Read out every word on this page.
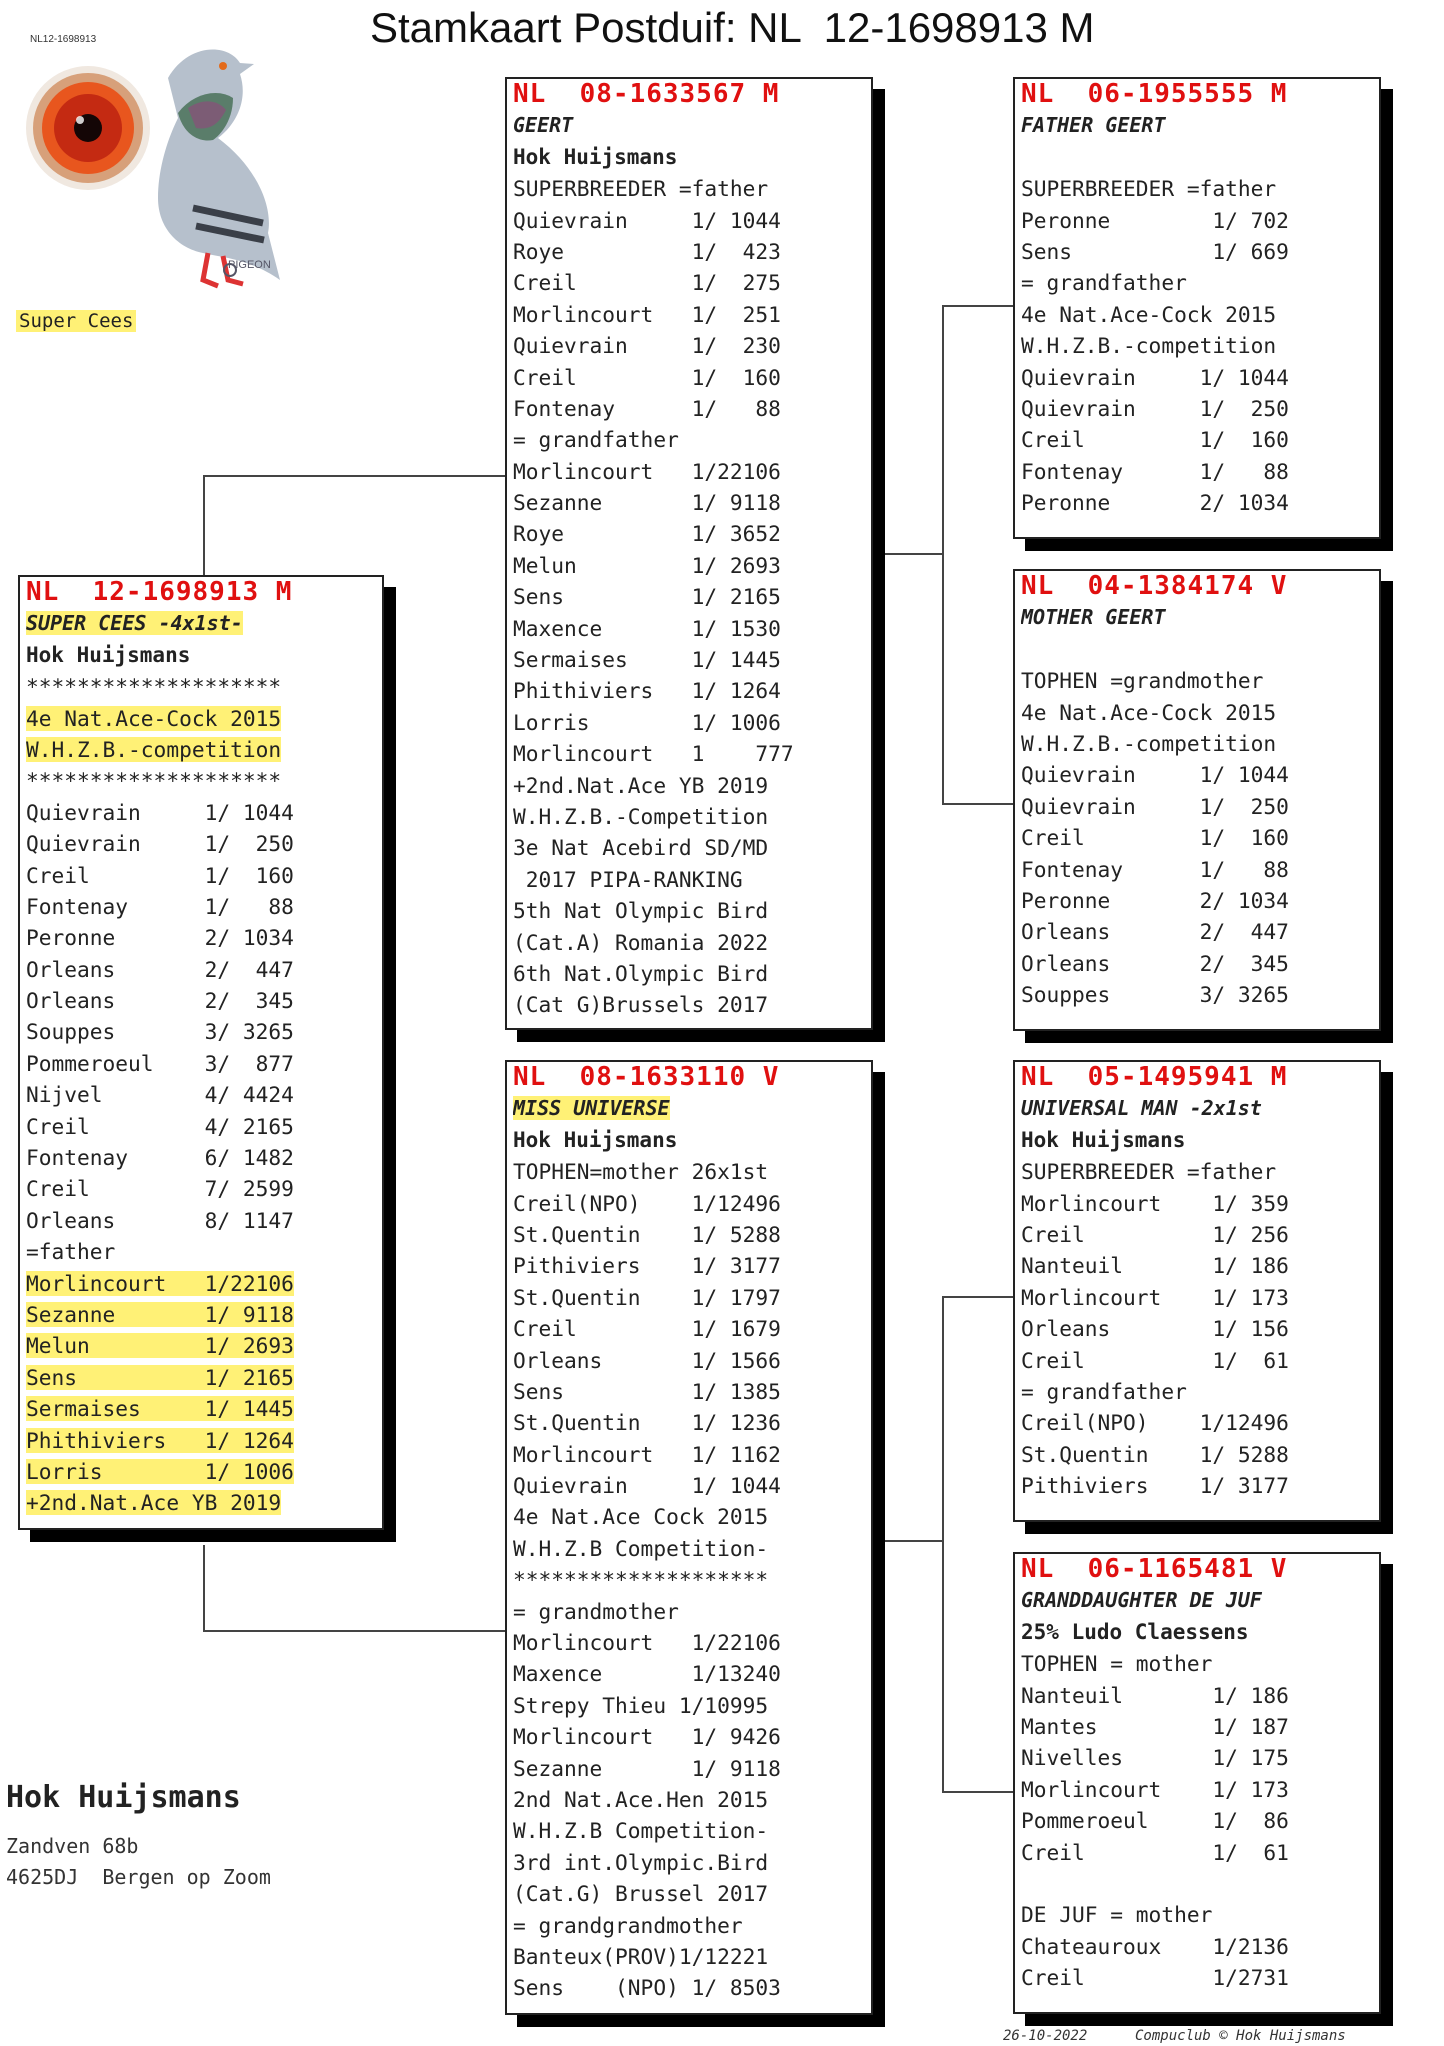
Stamkaart Postduif: NL  12-1698913 M
NL12-1698913
PIGEON
Super Cees
NL  12-1698913 M
SUPER CEES -4x1st-
Hok Huijsmans
********************
4e Nat.Ace-Cock 2015
W.H.Z.B.-competition
********************
Quievrain     1/ 1044
Quievrain     1/  250
Creil         1/  160
Fontenay      1/   88
Peronne       2/ 1034
Orleans       2/  447
Orleans       2/  345
Souppes       3/ 3265
Pommeroeul    3/  877
Nijvel        4/ 4424
Creil         4/ 2165
Fontenay      6/ 1482
Creil         7/ 2599
Orleans       8/ 1147
=father
Morlincourt   1/22106
Sezanne       1/ 9118
Melun         1/ 2693
Sens          1/ 2165
Sermaises     1/ 1445
Phithiviers   1/ 1264
Lorris        1/ 1006
+2nd.Nat.Ace YB 2019
NL  08-1633567 M
GEERT
Hok Huijsmans
SUPERBREEDER =father
Quievrain     1/ 1044
Roye          1/  423
Creil         1/  275
Morlincourt   1/  251
Quievrain     1/  230
Creil         1/  160
Fontenay      1/   88
= grandfather
Morlincourt   1/22106
Sezanne       1/ 9118
Roye          1/ 3652
Melun         1/ 2693
Sens          1/ 2165
Maxence       1/ 1530
Sermaises     1/ 1445
Phithiviers   1/ 1264
Lorris        1/ 1006
Morlincourt   1    777
+2nd.Nat.Ace YB 2019
W.H.Z.B.-Competition
3e Nat Acebird SD/MD
2017 PIPA-RANKING
5th Nat Olympic Bird
(Cat.A) Romania 2022
6th Nat.Olympic Bird
(Cat G)Brussels 2017
NL  08-1633110 V
MISS UNIVERSE
Hok Huijsmans
TOPHEN=mother 26x1st
Creil(NPO)    1/12496
St.Quentin    1/ 5288
Pithiviers    1/ 3177
St.Quentin    1/ 1797
Creil         1/ 1679
Orleans       1/ 1566
Sens          1/ 1385
St.Quentin    1/ 1236
Morlincourt   1/ 1162
Quievrain     1/ 1044
4e Nat.Ace Cock 2015
W.H.Z.B Competition-
********************
= grandmother
Morlincourt   1/22106
Maxence       1/13240
Strepy Thieu 1/10995
Morlincourt   1/ 9426
Sezanne       1/ 9118
2nd Nat.Ace.Hen 2015
W.H.Z.B Competition-
3rd int.Olympic.Bird
(Cat.G) Brussel 2017
= grandgrandmother
Banteux(PROV)1/12221
Sens    (NPO) 1/ 8503
NL  06-1955555 M
FATHER GEERT
SUPERBREEDER =father
Peronne        1/ 702
Sens           1/ 669
= grandfather
4e Nat.Ace-Cock 2015
W.H.Z.B.-competition
Quievrain     1/ 1044
Quievrain     1/  250
Creil         1/  160
Fontenay      1/   88
Peronne       2/ 1034
NL  04-1384174 V
MOTHER GEERT
TOPHEN =grandmother
4e Nat.Ace-Cock 2015
W.H.Z.B.-competition
Quievrain     1/ 1044
Quievrain     1/  250
Creil         1/  160
Fontenay      1/   88
Peronne       2/ 1034
Orleans       2/  447
Orleans       2/  345
Souppes       3/ 3265
NL  05-1495941 M
UNIVERSAL MAN -2x1st
Hok Huijsmans
SUPERBREEDER =father
Morlincourt    1/ 359
Creil          1/ 256
Nanteuil       1/ 186
Morlincourt    1/ 173
Orleans        1/ 156
Creil          1/  61
= grandfather
Creil(NPO)    1/12496
St.Quentin    1/ 5288
Pithiviers    1/ 3177
NL  06-1165481 V
GRANDDAUGHTER DE JUF
25% Ludo Claessens
TOPHEN = mother
Nanteuil       1/ 186
Mantes         1/ 187
Nivelles       1/ 175
Morlincourt    1/ 173
Pommeroeul     1/  86
Creil          1/  61
DE JUF = mother
Chateauroux    1/2136
Creil          1/2731
Hok Huijsmans
Zandven 68b
4625DJ  Bergen op Zoom
26-10-2022	Compuclub © Hok Huijsmans
